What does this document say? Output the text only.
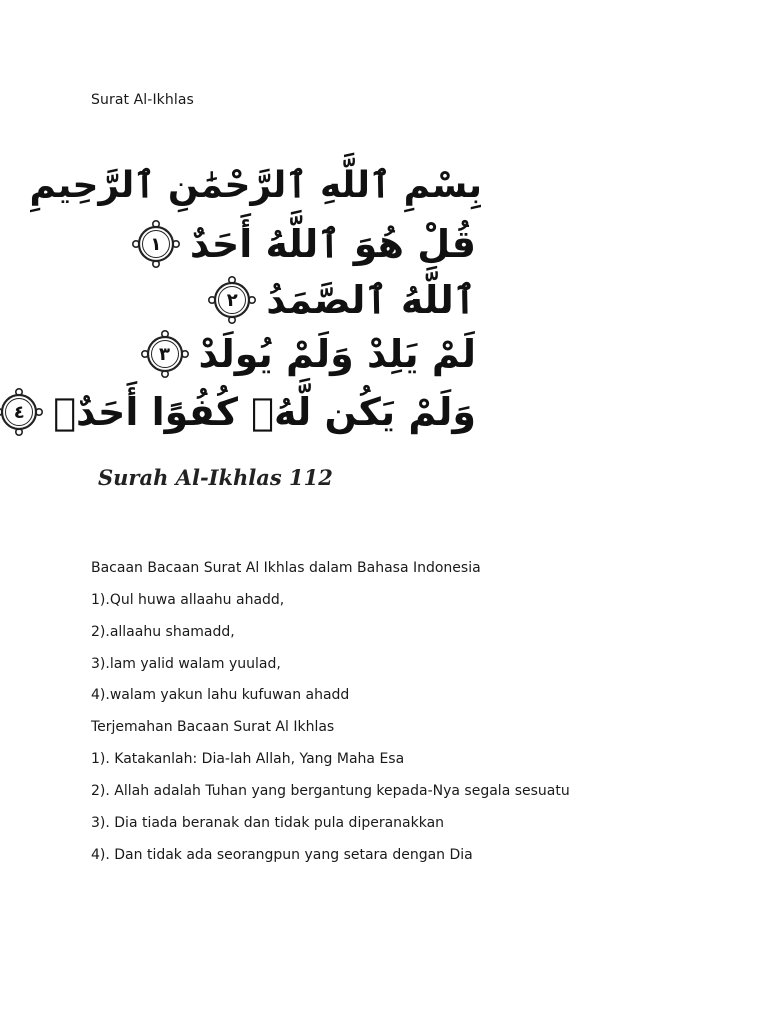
Surat Al-Ikhlas
بِسْمِ ٱللَّهِ ٱلرَّحْمَٰنِ ٱلرَّحِيمِ
١ قُلْ هُوَ ٱللَّهُ أَحَدٌ
٢ ٱللَّهُ ٱلصَّمَدُ
٣ لَمْ يَلِدْ وَلَمْ يُولَدْ
٤ وَلَمْ يَكُن لَّهُۥ كُفُوًا أَحَدٌۢ
Surah Al-Ikhlas 112
Bacaan Bacaan Surat Al Ikhlas dalam Bahasa Indonesia
1).Qul huwa allaahu ahadd,
2).allaahu shamadd,
3).lam yalid walam yuulad,
4).walam yakun lahu kufuwan ahadd
Terjemahan Bacaan Surat Al Ikhlas
1). Katakanlah: Dia-lah Allah, Yang Maha Esa
2). Allah adalah Tuhan yang bergantung kepada-Nya segala sesuatu
3). Dia tiada beranak dan tidak pula diperanakkan
4). Dan tidak ada seorangpun yang setara dengan Dia
